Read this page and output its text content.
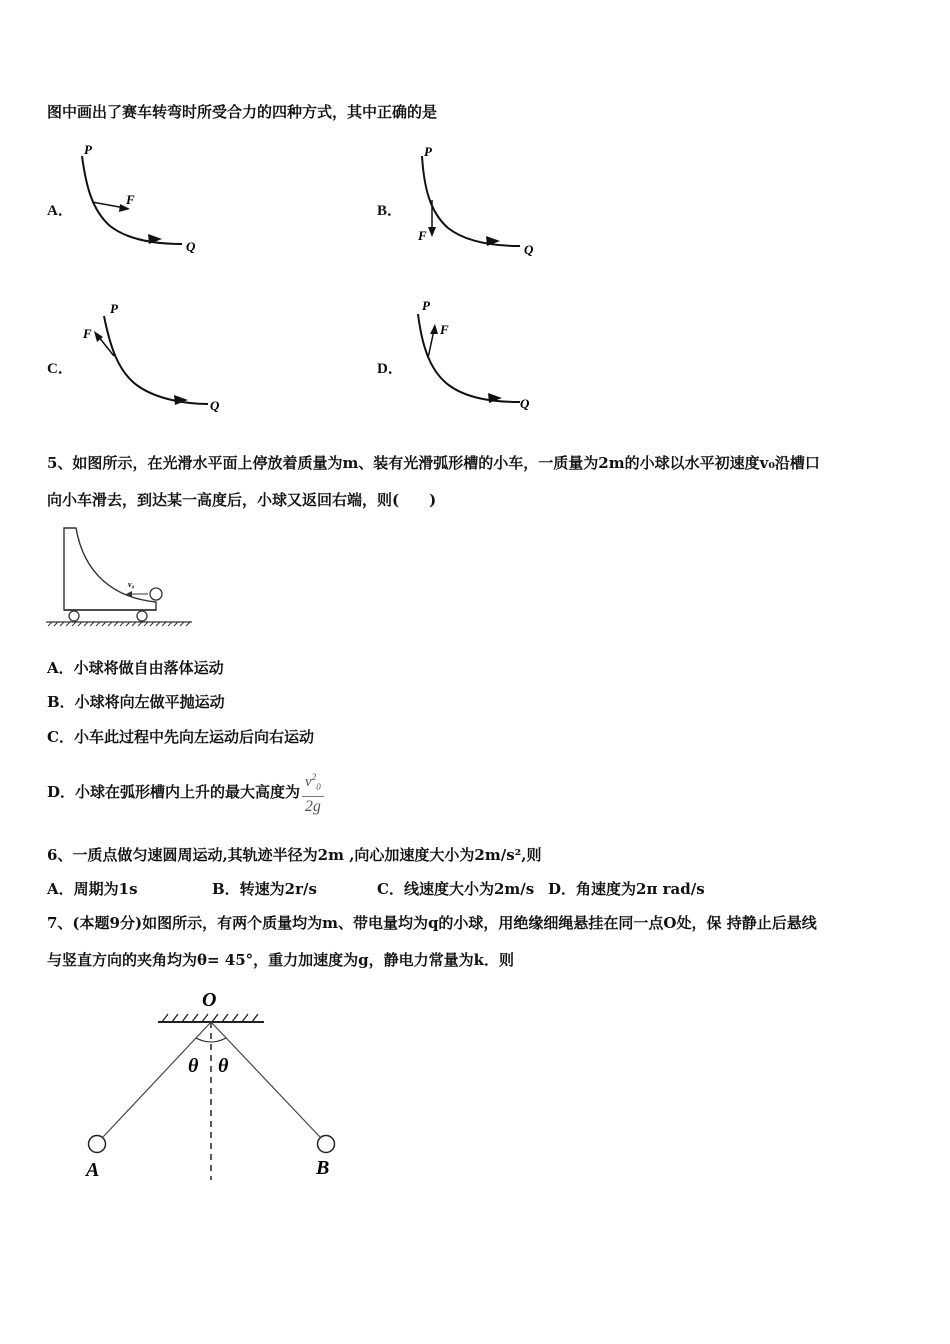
图中画出了赛车转弯时所受合力的四种方式，其中正确的是
A．
P
F
Q
B．
P
F
Q
C．
P
F
Q
D．
P
F
Q
5、如图所示，在光滑水平面上停放着质量为m、装有光滑弧形槽的小车，一质量为2m的小球以水平初速度v₀沿槽口
向小车滑去，到达某一高度后，小球又返回右端，则(　　)
v₀
A．小球将做自由落体运动
B．小球将向左做平抛运动
C．小车此过程中先向左运动后向右运动
D．小球在弧形槽内上升的最大高度为 $\frac{v^2_0}{2g}$
6、一质点做匀速圆周运动,其轨迹半径为2m ,向心加速度大小为2m/s²,则
A．周期为1s	B．转速为2r/s	C．线速度大小为2m/s D．角速度为2π rad/s
7、(本题9分)如图所示，有两个质量均为m、带电量均为q的小球，用绝缘细绳悬挂在同一点O处，保 持静止后悬线
与竖直方向的夹角均为θ= 45°，重力加速度为g，静电力常量为k．则
O
θ θ
A	B
